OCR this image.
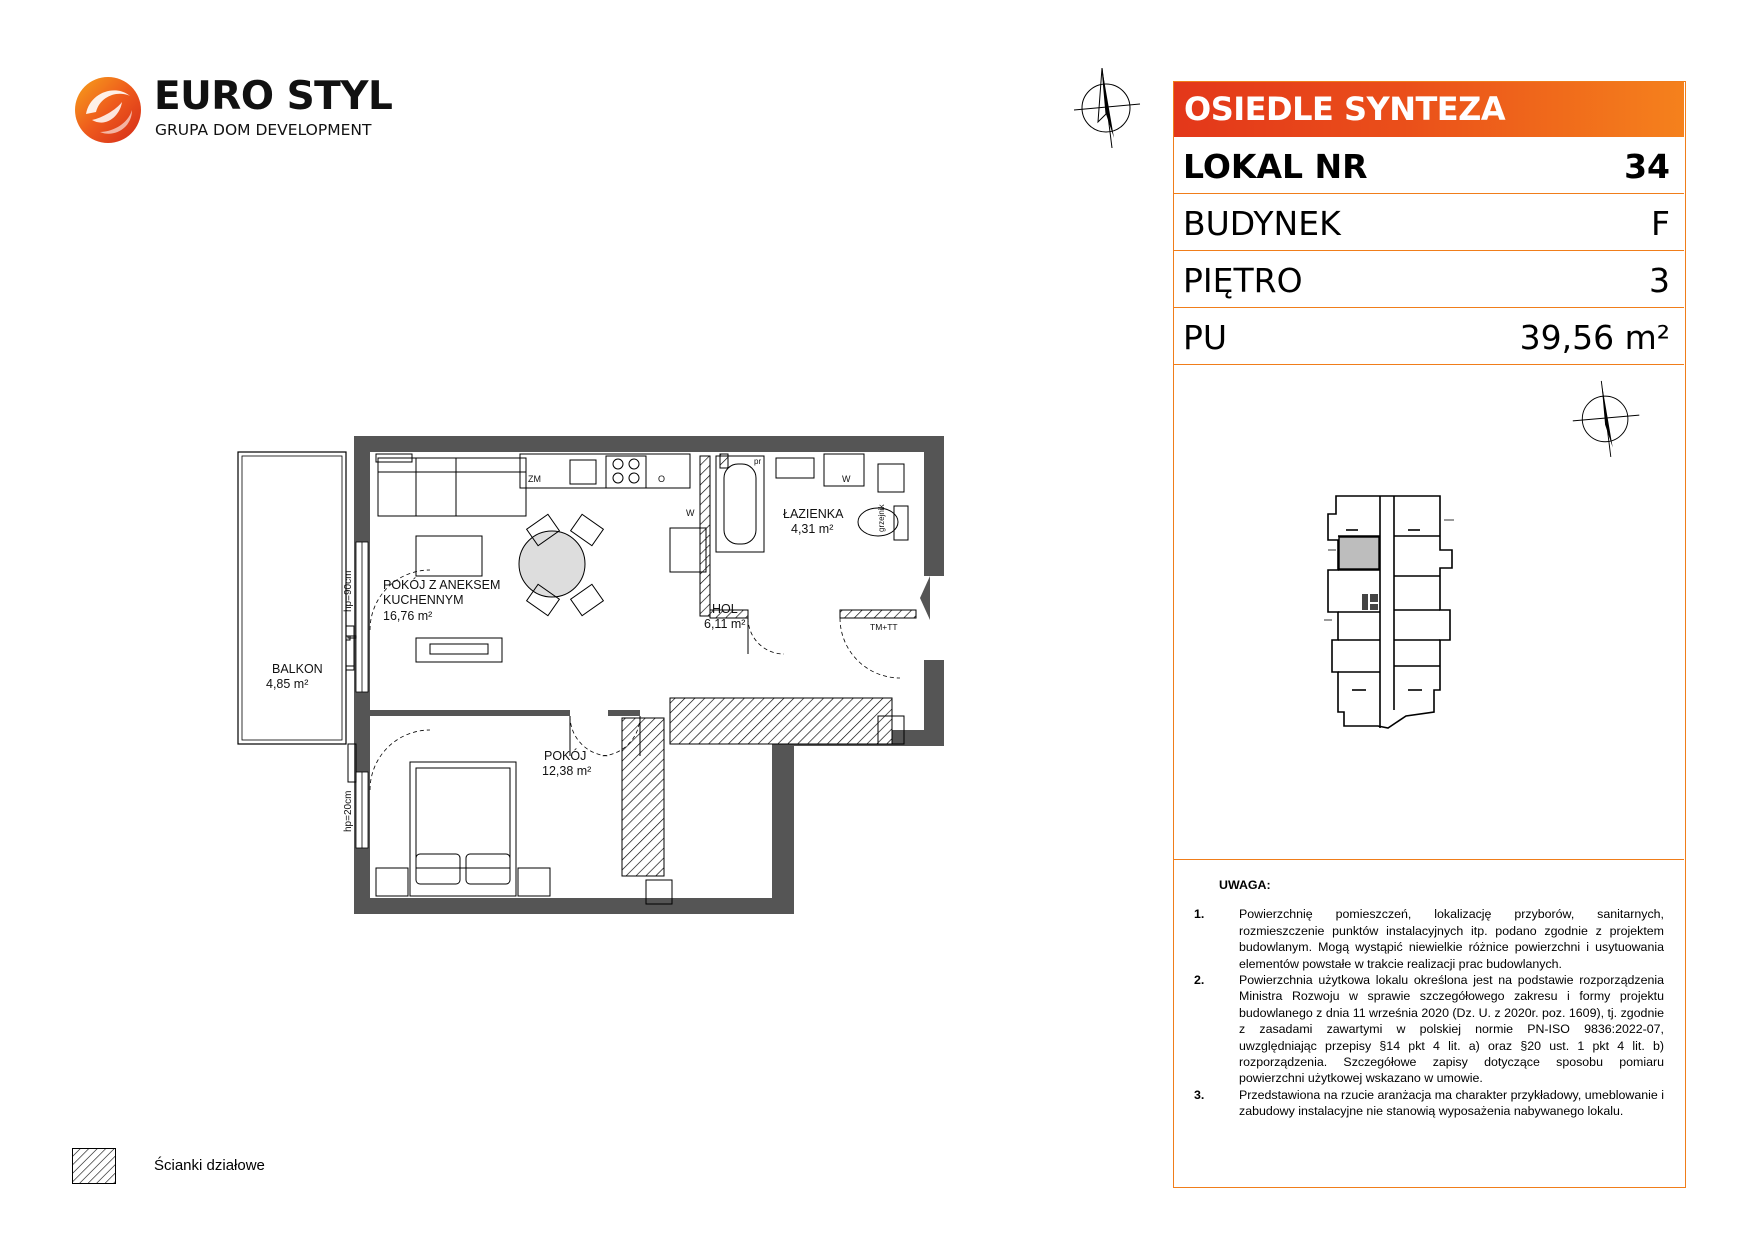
EURO STYL
GRUPA DOM DEVELOPMENT
OSIEDLE SYNTEZA
LOKAL NR	34
BUDYNEK	F
PIĘTRO	3
PU	39,56 m²
UWAGA:
1.	Powierzchnię pomieszczeń, lokalizację przyborów, sanitarnych, rozmieszczenie punktów instalacyjnych itp. podano zgodnie z projektem budowlanym. Mogą wystąpić niewielkie różnice powierzchni i usytuowania elementów powstałe w trakcie realizacji prac budowlanych.
2.	Powierzchnia użytkowa lokalu określona jest na podstawie rozporządzenia Ministra Rozwoju w sprawie szczegółowego zakresu i formy projektu budowlanego z dnia 11 września 2020 (Dz. U. z 2020r. poz. 1609), tj. zgodnie z zasadami zawartymi w polskiej normie PN-ISO 9836:2022-07, uwzględniając przepisy §14 pkt 4 lit. a) oraz §20 ust. 1 pkt 4 lit. b) rozporządzenia. Szczegółowe zapisy dotyczące sposobu pomiaru powierzchni użytkowej wskazano w umowie.
3.	Przedstawiona na rzucie aranżacja ma charakter przykładowy, umeblowanie i zabudowy instalacyjne nie stanowią wyposażenia nabywanego lokalu.
POKÓJ Z ANEKSEM
KUCHENNYM
16,76 m²
ŁAZIENKA
4,31 m²
HOL
6,11 m²
POKÓJ
12,38 m²
BALKON
4,85 m²
hp=90cm
hp=20cm
W
W
ZM	O
TM+TT
grzejnik
pr
Ścianki działowe
